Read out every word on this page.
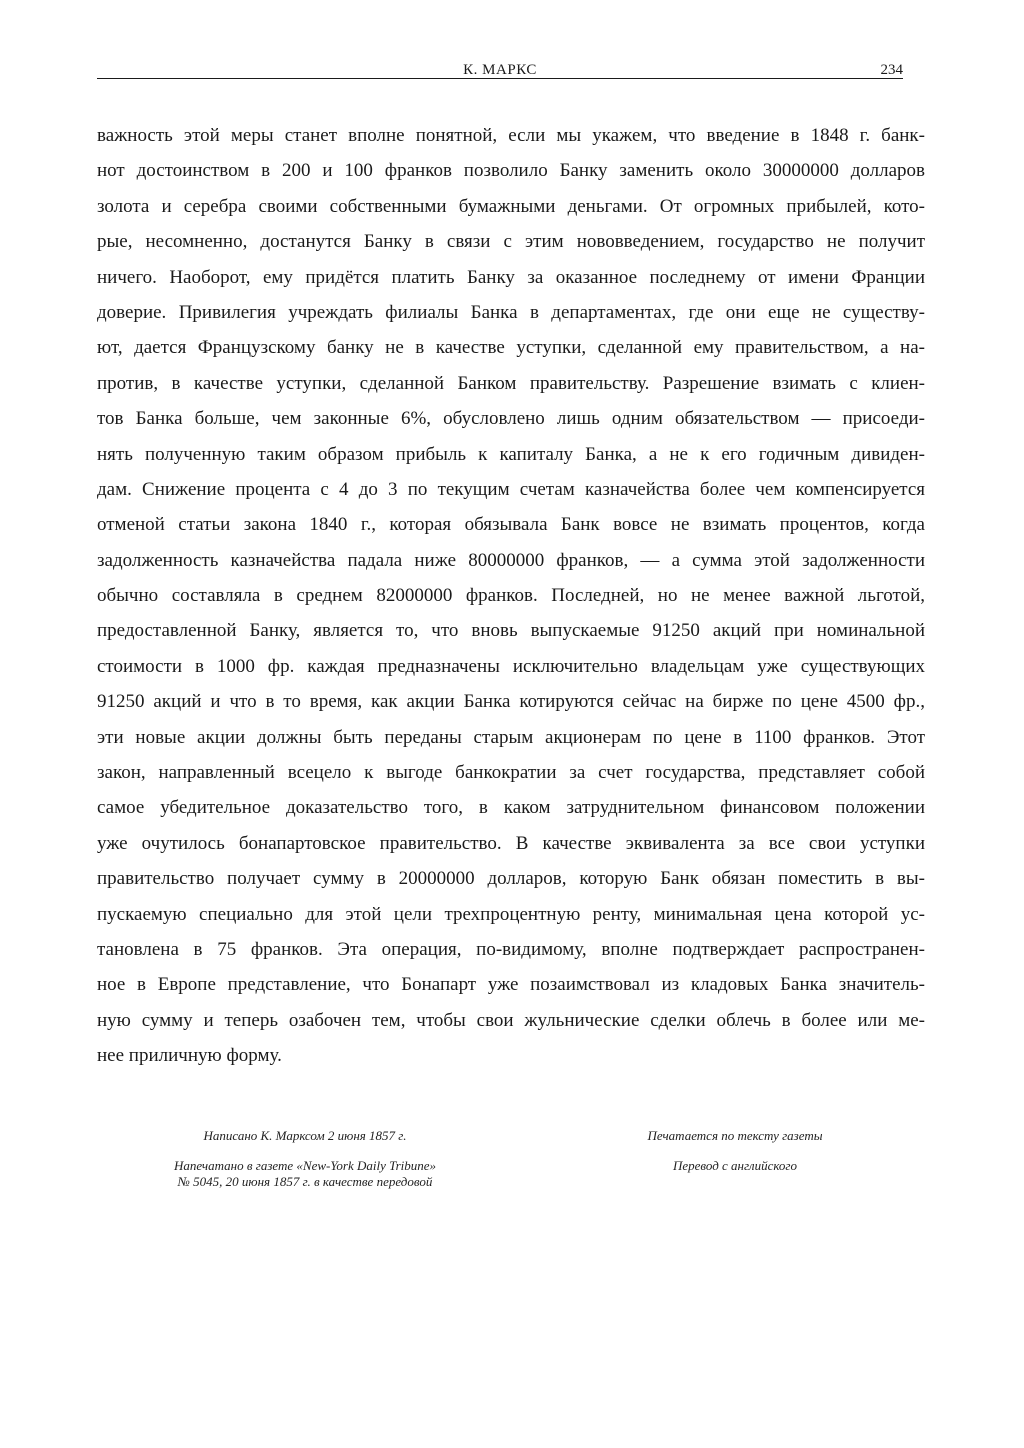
К. МАРКС	234
важность этой меры станет вполне понятной, если мы укажем, что введение в 1848 г. банк-
нот достоинством в 200 и 100 франков позволило Банку заменить около 30000000 долларов
золота и серебра своими собственными бумажными деньгами. От огромных прибылей, кото-
рые, несомненно, достанутся Банку в связи с этим нововведением, государство не получит
ничего. Наоборот, ему придётся платить Банку за оказанное последнему от имени Франции
доверие. Привилегия учреждать филиалы Банка в департаментах, где они еще не существу-
ют, дается Французскому банку не в качестве уступки, сделанной ему правительством, а на-
против, в качестве уступки, сделанной Банком правительству. Разрешение взимать с клиен-
тов Банка больше, чем законные 6%, обусловлено лишь одним обязательством — присоеди-
нять полученную таким образом прибыль к капиталу Банка, а не к его годичным дивиден-
дам. Снижение процента с 4 до 3 по текущим счетам казначейства более чем компенсируется
отменой статьи закона 1840 г., которая обязывала Банк вовсе не взимать процентов, когда
задолженность казначейства падала ниже 80000000 франков, — а сумма этой задолженности
обычно составляла в среднем 82000000 франков. Последней, но не менее важной льготой,
предоставленной Банку, является то, что вновь выпускаемые 91250 акций при номинальной
стоимости в 1000 фр. каждая предназначены исключительно владельцам уже существующих
91250 акций и что в то время, как акции Банка котируются сейчас на бирже по цене 4500 фр.,
эти новые акции должны быть переданы старым акционерам по цене в 1100 франков. Этот
закон, направленный всецело к выгоде банкократии за счет государства, представляет собой
самое убедительное доказательство того, в каком затруднительном финансовом положении
уже очутилось бонапартовское правительство. В качестве эквивалента за все свои уступки
правительство получает сумму в 20000000 долларов, которую Банк обязан поместить в вы-
пускаемую специально для этой цели трехпроцентную ренту, минимальная цена которой ус-
тановлена в 75 франков. Эта операция, по-видимому, вполне подтверждает распространен-
ное в Европе представление, что Бонапарт уже позаимствовал из кладовых Банка значитель-
ную сумму и теперь озабочен тем, чтобы свои жульнические сделки облечь в более или ме-
нее приличную форму.

Написано К. Марксом 2 июня 1857 г.

Напечатано в газете «New-York Daily Tribune»
№ 5045, 20 июня 1857 г. в качестве передовой

Печатается по тексту газеты

Перевод с английского
